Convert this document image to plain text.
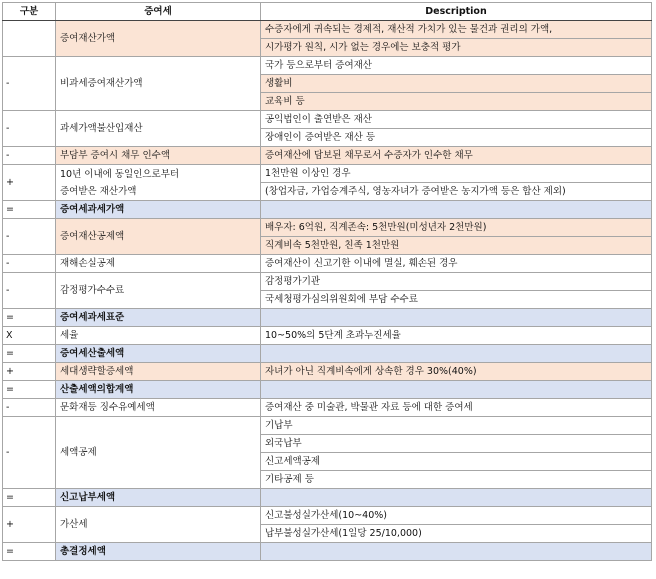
구분	증여세	Description
	증여재산가액	수증자에게 귀속되는 경제적, 재산적 가치가 있는 물건과 권리의 가액,
		시가평가 원칙, 시가 없는 경우에는 보충적 평가
-	비과세증여재산가액	국가 등으로부터 증여재산
		생활비
		교육비 등
-	과세가액불산입재산	공익법인이 출연받은 재산
		장애인이 증여받은 재산 등
-	부담부 증여시 채무 인수액	증여재산에 담보된 채무로서 수증자가 인수한 채무
+	10년 이내에 동일인으로부터
증여받은 재산가액	1천만원 이상인 경우
		(창업자금, 가업승계주식, 영농자녀가 증여받은 농지가액 등은 합산 제외)
=	증여세과세가액	
-	증여재산공제액	배우자: 6억원, 직계존속: 5천만원(미성년자 2천만원)
		직계비속 5천만원, 친족 1천만원
-	재해손실공제	증여재산이 신고기한 이내에 멸실, 훼손된 경우
-	감정평가수수료	감정평가기관
		국세청평가심의위원회에 부담 수수료
=	증여세과세표준	
X	세율	10~50%의 5단계 초과누진세율
=	증여세산출세액	
+	세대생략할증세액	자녀가 아닌 직계비속에게 상속한 경우 30%(40%)
=	산출세액의합계액	
-	문화재등 징수유예세액	증여재산 중 미술관, 박물관 자료 등에 대한 증여세
-	세액공제	기납부
		외국납부
		신고세액공제
		기타공제 등
=	신고납부세액	
+	가산세	신고불성실가산세(10~40%)
		납부불성실가산세(1일당 25/10,000)
=	총결정세액	
